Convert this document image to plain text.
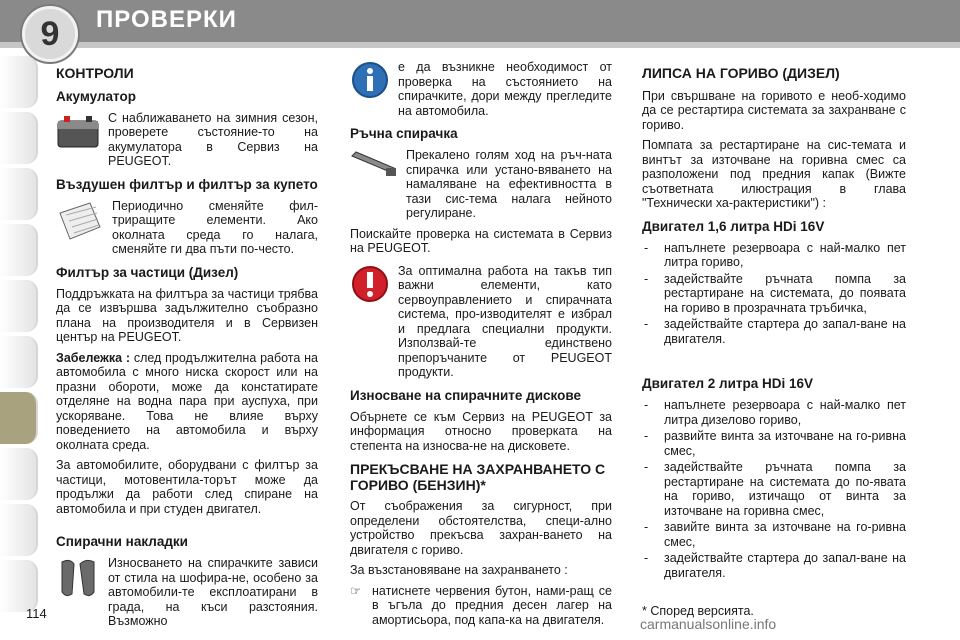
9	ПРОВЕРКИ
КОНТРОЛИ
Акумулатор
С наближаването на зимния сезон, проверете състояние-то на акумулатора в Сервиз на PEUGEOT.
Въздушен филтър и филтър за купето
Периодично сменяйте фил-триращите елементи. Ако околната среда го налага, сменяйте ги два пъти по-често.
Филтър за частици (Дизел)

Поддръжката на филтъра за частици трябва да се извършва задължително съобразно плана на производителя и в Сервизен център на PEUGEOT.

Забележка : след продължителна работа на автомобила с много ниска скорост или на празни обороти, може да констатирате отделяне на водна пара при ауспуха, при ускоряване. Това не влияе върху поведението на автомобила и върху околната среда.

За автомобилите, оборудвани с филтър за частици, мотовентила-торът може да продължи да работи след спиране на автомобила и при студен двигател.

Спирачни накладки
Износването на спирачките зависи от стила на шофира-не, особено за автомобили-те експлоатирани в града, на къси разстояния. Възможно
е да възникне необходимост от проверка на състоянието на спирачките, дори между прегледите на автомобила.
Ръчна спирачка
Прекалено голям ход на ръч-ната спирачка или устано-вяването на намаляване на ефективността в тази сис-тема налага нейното регулиране.

Поискайте проверка на системата в Сервиз на PEUGEOT.

За оптимална работа на такъв тип важни елементи, като сервоуправлението и спирачната система, про-изводителят е избрал и предлага специални продукти. Използвай-те единствено препоръчаните от PEUGEOT продукти.
Износване на спирачните дискове

Обърнете се към Сервиз на PEUGEOT за информация относно проверката на степента на износва-не на дисковете.

ПРЕКЪСВАНЕ НА ЗАХРАНВАНЕТО С ГОРИВО (БЕНЗИН)*

От съображения за сигурност, при определени обстоятелства, специ-ално устройство прекъсва захран-ването на двигателя с гориво.

За възстановяване на захранването :

☞ натиснете червения бутон, нами-ращ се в ъгъла до предния десен лагер на амортисьора, под капа-ка на двигателя.
ЛИПСА НА ГОРИВО (ДИЗЕЛ)

При свършване на горивото е необ-ходимо да се рестартира системата за захранване с гориво.

Помпата за рестартиране на сис-темата и винтът за източване на горивна смес са разположени под предния капак (Вижте съответната илюстрация в глава "Технически ха-рактеристики") :

Двигател 1,6 литра HDi 16V
- напълнете резервоара с най-малко пет литра гориво,
- задействайте ръчната помпа за рестартиране на системата, до появата на гориво в прозрачната тръбичка,
- задействайте стартера до запал-ване на двигателя.
Двигател 2 литра HDi 16V
- напълнете резервоара с най-малко пет литра дизелово гориво,
- развийте винта за източване на го-ривна смес,
- задействайте ръчната помпа за рестартиране на системата до по-явата на гориво, изтичащо от винта за източване на горивна смес,
- завийте винта за източване на го-ривна смес,
- задействайте стартера до запал-ване на двигателя.
* Според версията.
114
carmanualsonline.info
